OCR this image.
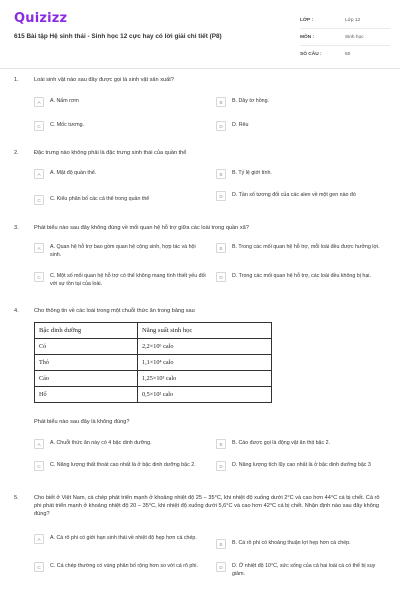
Quizizz
615 Bài tập Hệ sinh thái - Sinh học 12 cực hay có lời giải chi tiết (P8)
LỚP :	Lớp 12
MÔN :	Sinh học
SỐ CÂU :	50
1.	Loài sinh vật nào sau đây được gọi là sinh vật sản xuất?
A	A. Nấm rơm	B	B. Dây tơ hồng.
C	C. Mốc tương.	D	D. Rêu
2.	Đặc trưng nào không phải là đặc trưng sinh thái của quần thể
A	A. Mật độ quần thể.	B	B. Tỷ lệ giới tính.
C	C. Kiểu phân bố các cá thể trong quần thể	D	D. Tần số tương đối của các alen về một gen nào đó
3.	Phát biểu nào sau đây không đúng về mối quan hệ hỗ trợ giữa các loài trong quần xã?
A	A. Quan hệ hỗ trợ bao gồm quan hệ cộng sinh, hợp tác và hội sinh.
B	B. Trong các mối quan hệ hỗ trợ, mỗi loài đều được hưởng lợi.
C	C. Một số mối quan hệ hỗ trợ có thể không mang tính thiết yếu đối với sự tồn tại của loài.
D	D. Trong các mối quan hệ hỗ trợ, các loài đều không bị hại.
4.	Cho thông tin về các loài trong một chuỗi thức ăn trong bảng sau
Bậc dinh dưỡng	Năng suất sinh học
Cỏ	2,2×10⁶ calo
Thỏ	1,1×10⁴ calo
Cáo	1,25×10³ calo
Hổ	0,5×10² calo
Phát biểu nào sau đây là không đúng?
A	A. Chuỗi thức ăn này có 4 bậc dinh dưỡng.	B	B. Cáo được gọi là động vật ăn thịt bậc 2.
C	C. Năng lượng thất thoát cao nhất là ở bậc dinh dưỡng bậc 2.	D	D. Năng lượng tích lũy cao nhất là ở bậc dinh dưỡng bậc 3
5.	Cho biết ở Việt Nam, cá chép phát triển mạnh ở khoảng nhiệt độ 25 − 35°C, khi nhiệt độ xuống dưới 2°C và cao hơn 44°C cá bị chết. Cá rô phi phát triển mạnh ở khoảng nhiệt độ 20 − 35°C, khi nhiệt độ xuống dưới 5,6°C và cao hơn 42°C cá bị chết. Nhận định nào sau đây không đúng?
A	A. Cá rô phi có giới hạn sinh thái về nhiệt độ hẹp hơn cá chép.
B	B. Cá rô phi có khoảng thuận lợi hẹp hơn cá chép.
C	C. Cá chép thường có vùng phân bố rộng hơn so với cá rô phi.	D	D. Ở nhiệt độ 10°C, sức sống của cả hai loài cá có thể bị suy giảm.
